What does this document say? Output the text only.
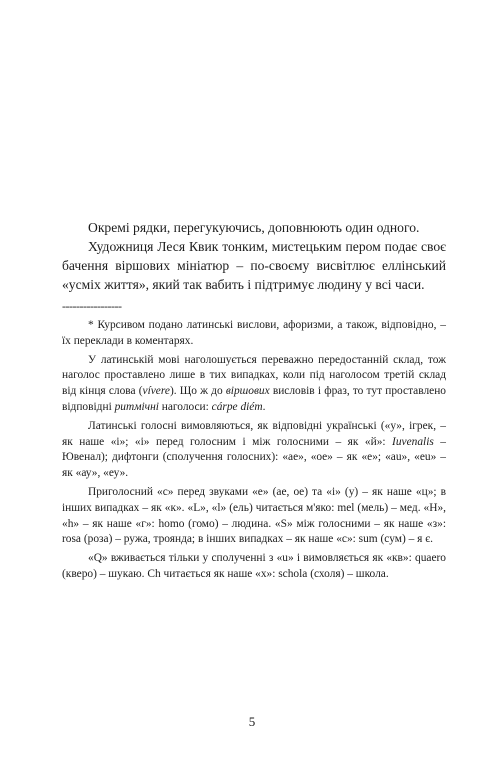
Окремі рядки, перегукуючись, доповнюють один одного.

Художниця Леся Квик тонким, мистецьким пером подає своє бачення віршових мініатюр – по-своєму висвітлює еллінський «усміх життя», який так вабить і підтримує людину у всі часи.

-----------------

* Курсивом подано латинські вислови, афоризми, а також, відповідно, – їх переклади в коментарях.

У латинській мові наголошується переважно передостанній склад, тож наголос проставлено лише в тих випадках, коли під наголосом третій склад від кінця слова (vívere). Що ж до віршових висловів і фраз, то тут проставлено відповідні ритмічні наголоси: cárpe diém.

Латинські голосні вимовляються, як відповідні українські («у», ігрек, – як наше «і»; «і» перед голосним і між голосними – як «й»: Iuvenalis – Ювенал); дифтонги (сполучення голосних): «ae», «oe» – як «е»; «au», «eu» – як «ау», «еу».

Приголосний «c» перед звуками «е» (ae, oe) та «і» (у) – як наше «ц»; в інших випадках – як «к». «L», «l» (ель) читається м'яко: mel (мель) – мед. «H», «h» – як наше «г»: homo (гомо) – людина. «S» між голосними – як наше «з»: rosa (роза) – ружа, троянда; в інших випадках – як наше «с»: sum (сум) – я є.

«Q» вживається тільки у сполученні з «u» і вимовляється як «кв»: quaero (кверо) – шукаю. Ch читається як наше «х»: schola (схоля) – школа.

5
